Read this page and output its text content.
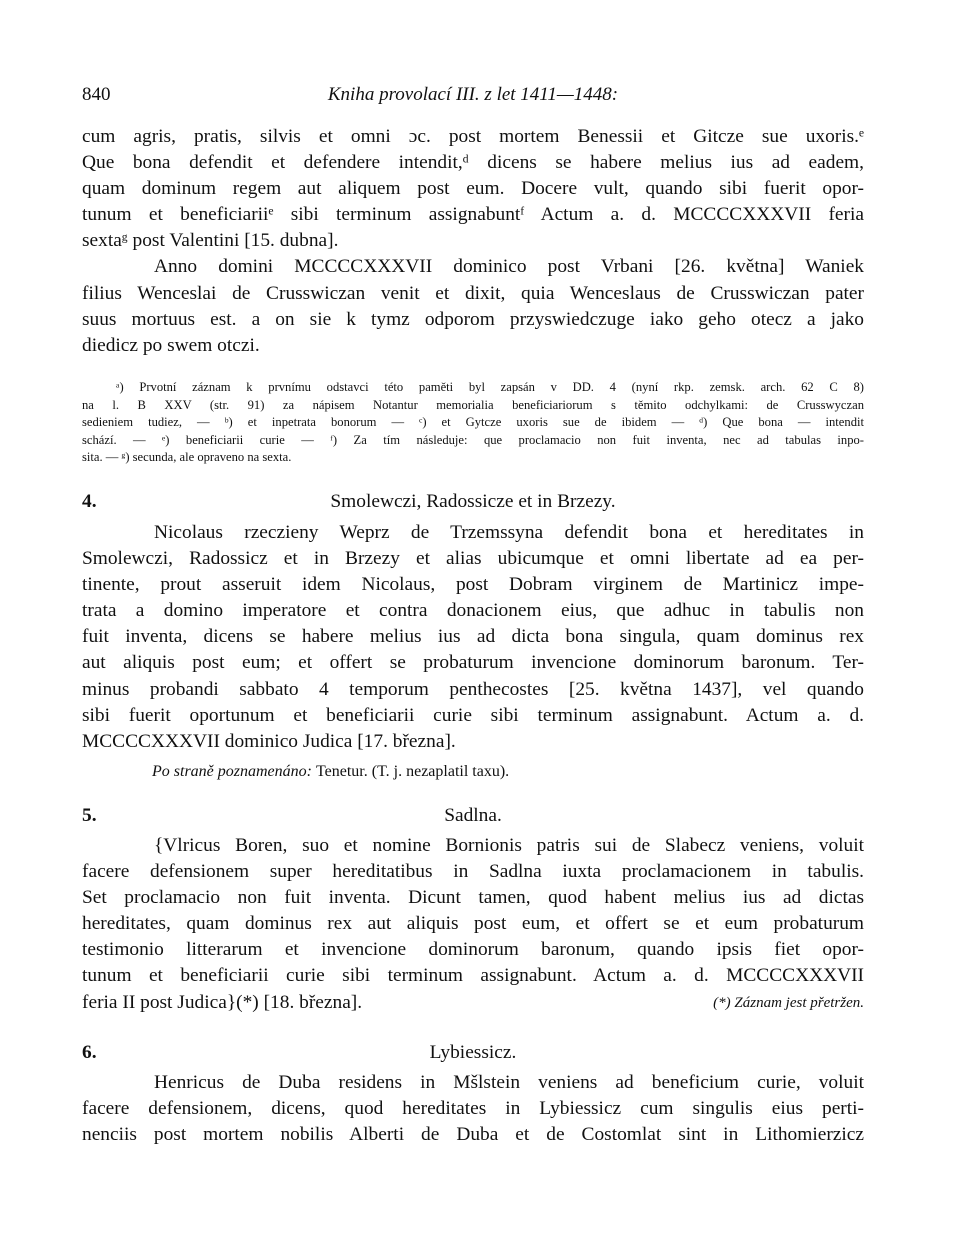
840	Kniha provolací III. z let 1411—1448:
cum agris, pratis, silvis et omni ɔc. post mortem Benessii et Gitcze sue uxoris.ᵉ
Que bona defendit et defendere intendit,ᵈ dicens se habere melius ius ad eadem,
quam dominum regem aut aliquem post eum. Docere vult, quando sibi fuerit opor-
tunum et beneficiariiᵉ sibi terminum assignabuntᶠ Actum a. d. MCCCCXXXVII feria
sextaᵍ post Valentini [15. dubna].
Anno domini MCCCCXXXVII dominico post Vrbani [26. května] Waniek
filius Wenceslai de Crusswiczan venit et dixit, quia Wenceslaus de Crusswiczan pater
suus mortuus est. a on sie k tymz odporom przyswiedczuge iako geho otecz a jako
diedicz po swem otczi.
ᵃ) Prvotní záznam k prvnímu odstavci této paměti byl zapsán v DD. 4 (nyní rkp. zemsk. arch. 62 C 8)
na l. B XXV (str. 91) za nápisem Notantur memorialia beneficiariorum s těmito odchylkami: de Crusswyczan
sedieniem tudiez, — ᵇ) et inpetrata bonorum — ᶜ) et Gytcze uxoris sue de ibidem — ᵈ) Que bona — intendit
schází. — ᵉ) beneficiarii curie — ᶠ) Za tím následuje: que proclamacio non fuit inventa, nec ad tabulas inpo-
sita. — ᵍ) secunda, ale opraveno na sexta.
4.	Smolewczi, Radossicze et in Brzezy.
Nicolaus rzeczieny Weprz de Trzemssyna defendit bona et hereditates in
Smolewczi, Radossicz et in Brzezy et alias ubicumque et omni libertate ad ea per-
tinente, prout asseruit idem Nicolaus, post Dobram virginem de Martinicz impe-
trata a domino imperatore et contra donacionem eius, que adhuc in tabulis non
fuit inventa, dicens se habere melius ius ad dicta bona singula, quam dominus rex
aut aliquis post eum; et offert se probaturum invencione dominorum baronum. Ter-
minus probandi sabbato 4 temporum penthecostes [25. května 1437], vel quando
sibi fuerit oportunum et beneficiarii curie sibi terminum assignabunt. Actum a. d.
MCCCCXXXVII dominico Judica [17. března].
Po straně poznamenáno: Tenetur. (T. j. nezaplatil taxu).
5.	Sadlna.
{Vlricus Boren, suo et nomine Bornionis patris sui de Slabecz veniens, voluit
facere defensionem super hereditatibus in Sadlna iuxta proclamacionem in tabulis.
Set proclamacio non fuit inventa. Dicunt tamen, quod habent melius ius ad dictas
hereditates, quam dominus rex aut aliquis post eum, et offert se et eum probaturum
testimonio litterarum et invencione dominorum baronum, quando ipsis fiet opor-
tunum et beneficiarii curie sibi terminum assignabunt. Actum a. d. MCCCCXXXVII
feria II post Judica}(*) [18. března].	(*) Záznam jest přetržen.
6.	Lybiessicz.
Henricus de Duba residens in Mšlstein veniens ad beneficium curie, voluit
facere defensionem, dicens, quod hereditates in Lybiessicz cum singulis eius perti-
nenciis post mortem nobilis Alberti de Duba et de Costomlat sint in Lithomierzicz
